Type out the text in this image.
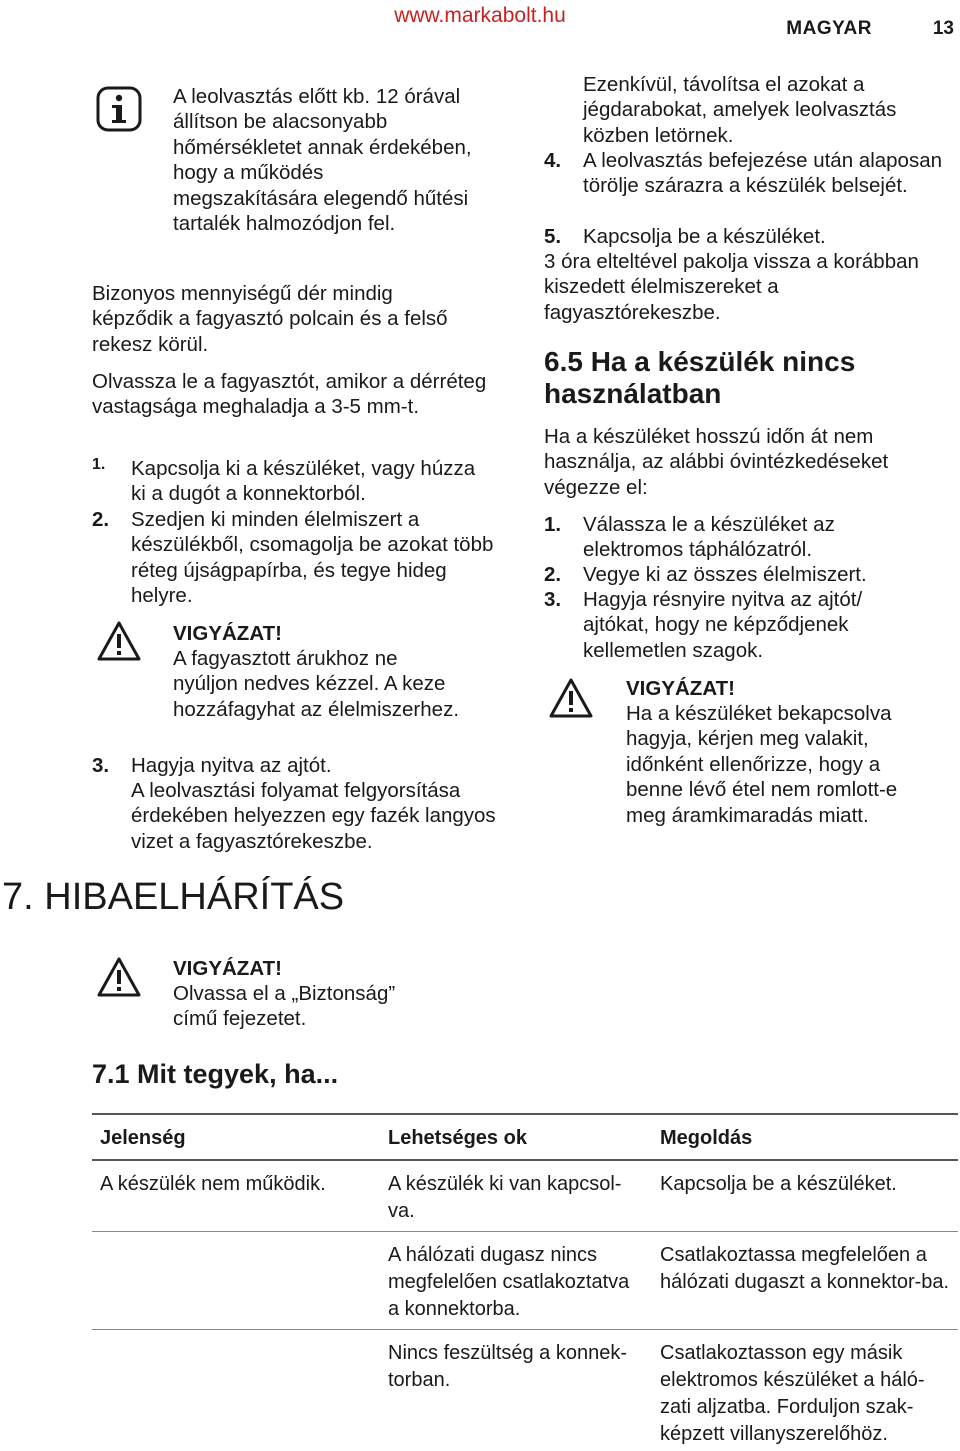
www.markabolt.hu
MAGYAR	13
A leolvasztás előtt kb. 12 órával állítson be alacsonyabb hőmérsékletet annak érdekében, hogy a működés megszakítására elegendő hűtési tartalék halmozódjon fel.
Bizonyos mennyiségű dér mindig képződik a fagyasztó polcain és a felső rekesz körül.
Olvassza le a fagyasztót, amikor a dérréteg vastagsága meghaladja a 3-5 mm-t.
1. Kapcsolja ki a készüléket, vagy húzza ki a dugót a konnektorból.
2. Szedjen ki minden élelmiszert a készülékből, csomagolja be azokat több réteg újságpapírba, és tegye hideg helyre.
VIGYÁZAT!
A fagyasztott árukhoz ne nyúljon nedves kézzel. A keze hozzáfagyhat az élelmiszerhez.
3. Hagyja nyitva az ajtót.
A leolvasztási folyamat felgyorsítása érdekében helyezzen egy fazék langyos vizet a fagyasztórekeszbe.
Ezenkívül, távolítsa el azokat a jégdarabokat, amelyek leolvasztás közben letörnek.
4. A leolvasztás befejezése után alaposan törölje szárazra a készülék belsejét.
5. Kapcsolja be a készüléket.
3 óra elteltével pakolja vissza a korábban kiszedett élelmiszereket a fagyasztórekeszbe.
6.5 Ha a készülék nincs használatban
Ha a készüléket hosszú időn át nem használja, az alábbi óvintézkedéseket végezze el:
1. Válassza le a készüléket az elektromos táphálózatról.
2. Vegye ki az összes élelmiszert.
3. Hagyja résnyire nyitva az ajtót/ ajtókat, hogy ne képződjenek kellemetlen szagok.
VIGYÁZAT!
Ha a készüléket bekapcsolva hagyja, kérjen meg valakit, időnként ellenőrizze, hogy a benne lévő étel nem romlott-e meg áramkimaradás miatt.
7. HIBAELHÁRÍTÁS
VIGYÁZAT!
Olvassa el a „Biztonság” című fejezetet.
7.1 Mit tegyek, ha...
Jelenség	Lehetséges ok	Megoldás
A készülék nem működik.	A készülék ki van kapcsol-va.	Kapcsolja be a készüléket.
	A hálózati dugasz nincs megfelelően csatlakoztatva a konnektorba.	Csatlakoztassa megfelelően a hálózati dugaszt a konnektor-ba.
	Nincs feszültség a konnek-torban.	Csatlakoztasson egy másik elektromos készüléket a háló-zati aljzatba. Forduljon szak-képzett villanyszerelőhöz.
